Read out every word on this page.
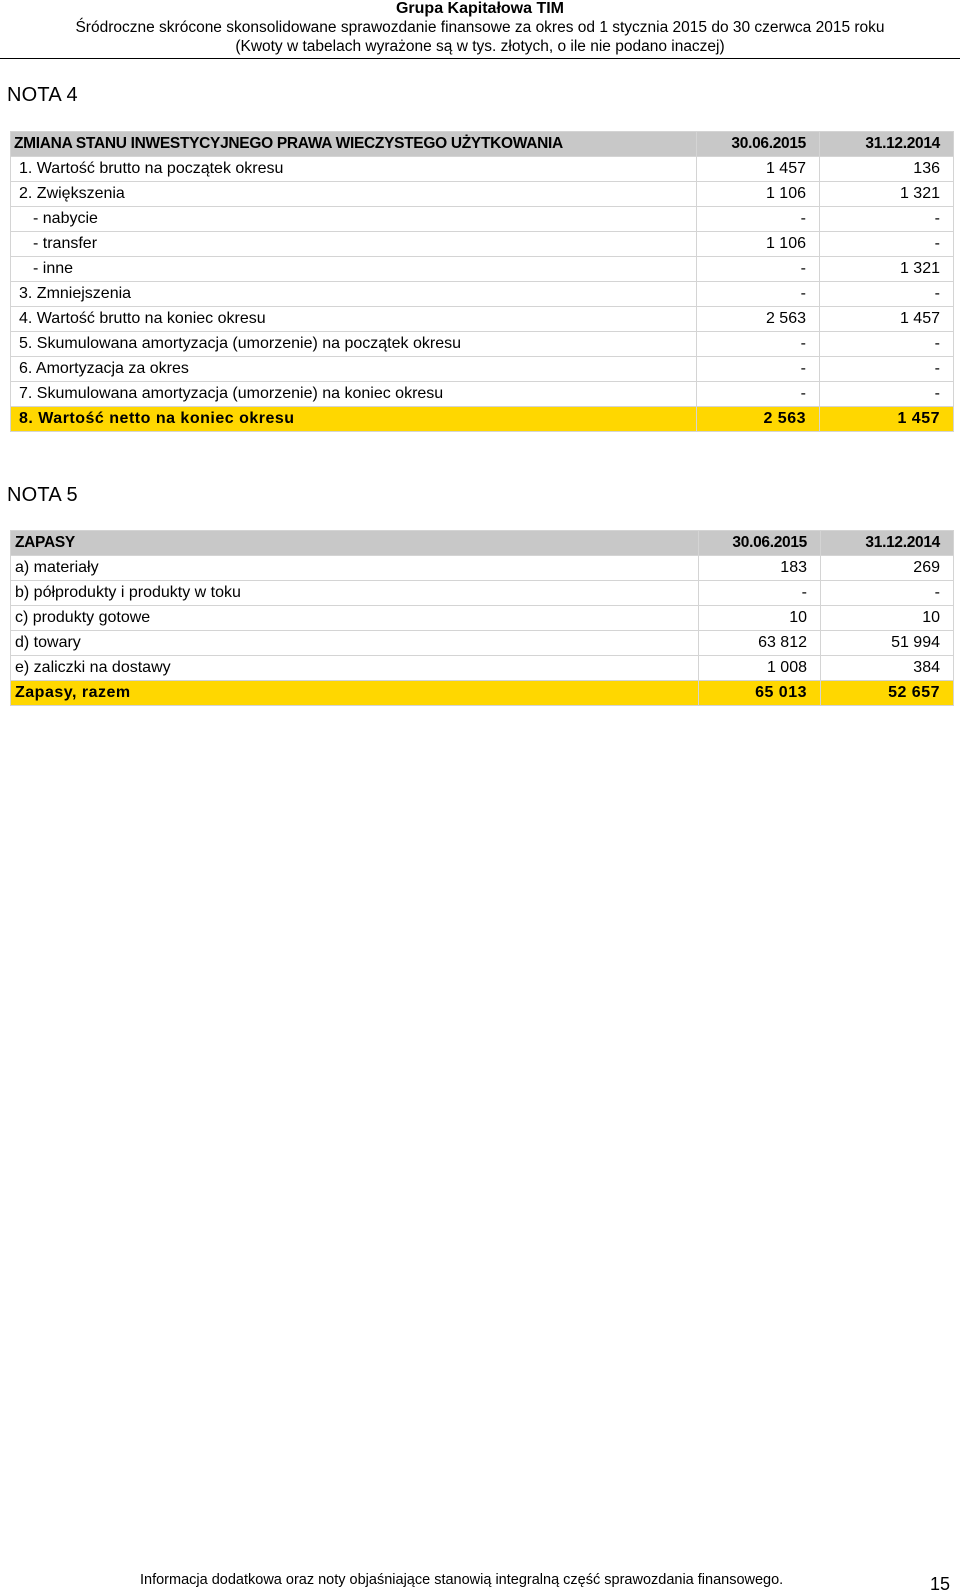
Grupa Kapitałowa TIM
Śródroczne skrócone skonsolidowane sprawozdanie finansowe za okres od 1 stycznia 2015 do 30 czerwca 2015 roku
(Kwoty w tabelach wyrażone są w tys. złotych, o ile nie podano inaczej)
NOTA 4
ZMIANA STANU INWESTYCYJNEGO PRAWA WIECZYSTEGO UŻYTKOWANIA	30.06.2015	31.12.2014
1. Wartość brutto na początek okresu	1 457	136
2. Zwiększenia	1 106	1 321
- nabycie	-	-
- transfer	1 106	-
- inne	-	1 321
3. Zmniejszenia	-	-
4. Wartość brutto na koniec okresu	2 563	1 457
5. Skumulowana amortyzacja (umorzenie) na początek okresu	-	-
6. Amortyzacja za okres	-	-
7. Skumulowana amortyzacja (umorzenie) na koniec okresu	-	-
8. Wartość netto na koniec okresu	2 563	1 457
NOTA 5
ZAPASY	30.06.2015	31.12.2014
a) materiały	183	269
b) półprodukty i produkty w toku	-	-
c) produkty gotowe	10	10
d) towary	63 812	51 994
e) zaliczki na dostawy	1 008	384
Zapasy, razem	65 013	52 657
Informacja dodatkowa oraz noty objaśniające stanowią integralną część sprawozdania finansowego.	15
